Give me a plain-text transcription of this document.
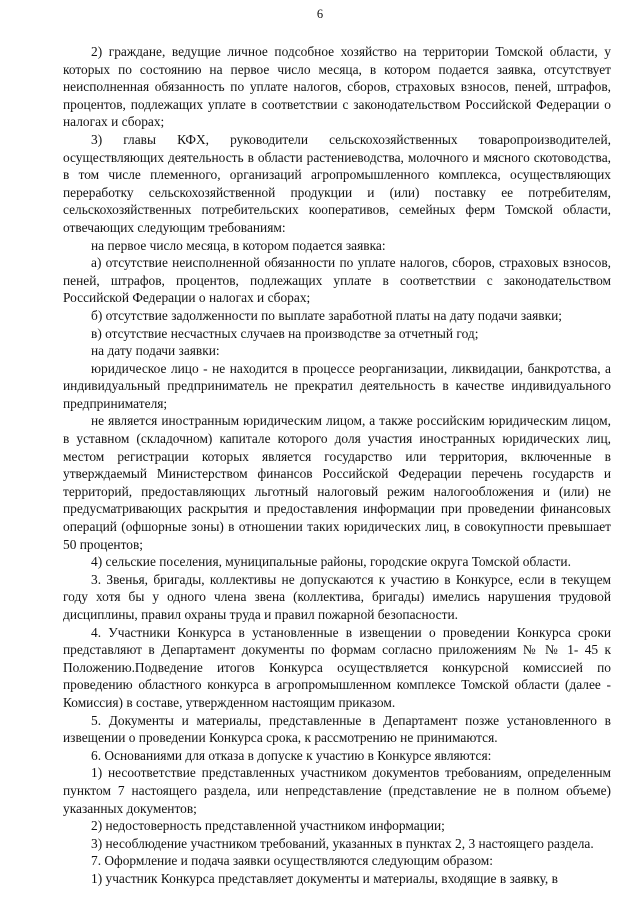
6

2) граждане, ведущие личное подсобное хозяйство на территории Томской области, у которых по состоянию на первое число месяца, в котором подается заявка, отсутствует неисполненная обязанность по уплате налогов, сборов, страховых взносов, пеней, штрафов, процентов, подлежащих уплате в соответствии с законодательством Российской Федерации о налогах и сборах;

3) главы КФХ, руководители сельскохозяйственных товаропроизводителей, осуществляющих деятельность в области растениеводства, молочного и мясного скотоводства, в том числе племенного, организаций агропромышленного комплекса, осуществляющих переработку сельскохозяйственной продукции и (или) поставку ее потребителям, сельскохозяйственных потребительских кооперативов, семейных ферм Томской области, отвечающих следующим требованиям:

на первое число месяца, в котором подается заявка:

а) отсутствие неисполненной обязанности по уплате налогов, сборов, страховых взносов, пеней, штрафов, процентов, подлежащих уплате в соответствии с законодательством Российской Федерации о налогах и сборах;

б) отсутствие задолженности по выплате заработной платы на дату подачи заявки;

в) отсутствие несчастных случаев на производстве за отчетный год;

на дату подачи заявки:

юридическое лицо - не находится в процессе реорганизации, ликвидации, банкротства, а индивидуальный предприниматель не прекратил деятельность в качестве индивидуального предпринимателя;

не является иностранным юридическим лицом, а также российским юридическим лицом, в уставном (складочном) капитале которого доля участия иностранных юридических лиц, местом регистрации которых является государство или территория, включенные в утверждаемый Министерством финансов Российской Федерации перечень государств и территорий, предоставляющих льготный налоговый режим налогообложения и (или) не предусматривающих раскрытия и предоставления информации при проведении финансовых операций (офшорные зоны) в отношении таких юридических лиц, в совокупности превышает 50 процентов;

4) сельские поселения, муниципальные районы, городские округа Томской области.

3. Звенья, бригады, коллективы не допускаются к участию в Конкурсе, если в текущем году хотя бы у одного члена звена (коллектива, бригады) имелись нарушения трудовой дисциплины, правил охраны труда и правил пожарной безопасности.

4. Участники Конкурса в установленные в извещении о проведении Конкурса сроки представляют в Департамент документы по формам согласно приложениям № № 1- 45 к Положению.Подведение итогов Конкурса осуществляется конкурсной комиссией по проведению областного конкурса в агропромышленном комплексе Томской области (далее - Комиссия) в составе, утвержденном настоящим приказом.

5. Документы и материалы, представленные в Департамент позже установленного в извещении о проведении Конкурса срока, к рассмотрению не принимаются.

6. Основаниями для отказа в допуске к участию в Конкурсе являются:

1) несоответствие представленных участником документов требованиям, определенным пунктом 7 настоящего раздела, или непредставление (представление не в полном объеме) указанных документов;

2) недостоверность представленной участником информации;

3) несоблюдение участником требований, указанных в пунктах 2, 3 настоящего раздела.

7. Оформление и подача заявки осуществляются следующим образом:

1) участник Конкурса представляет документы и материалы, входящие в заявку, в
